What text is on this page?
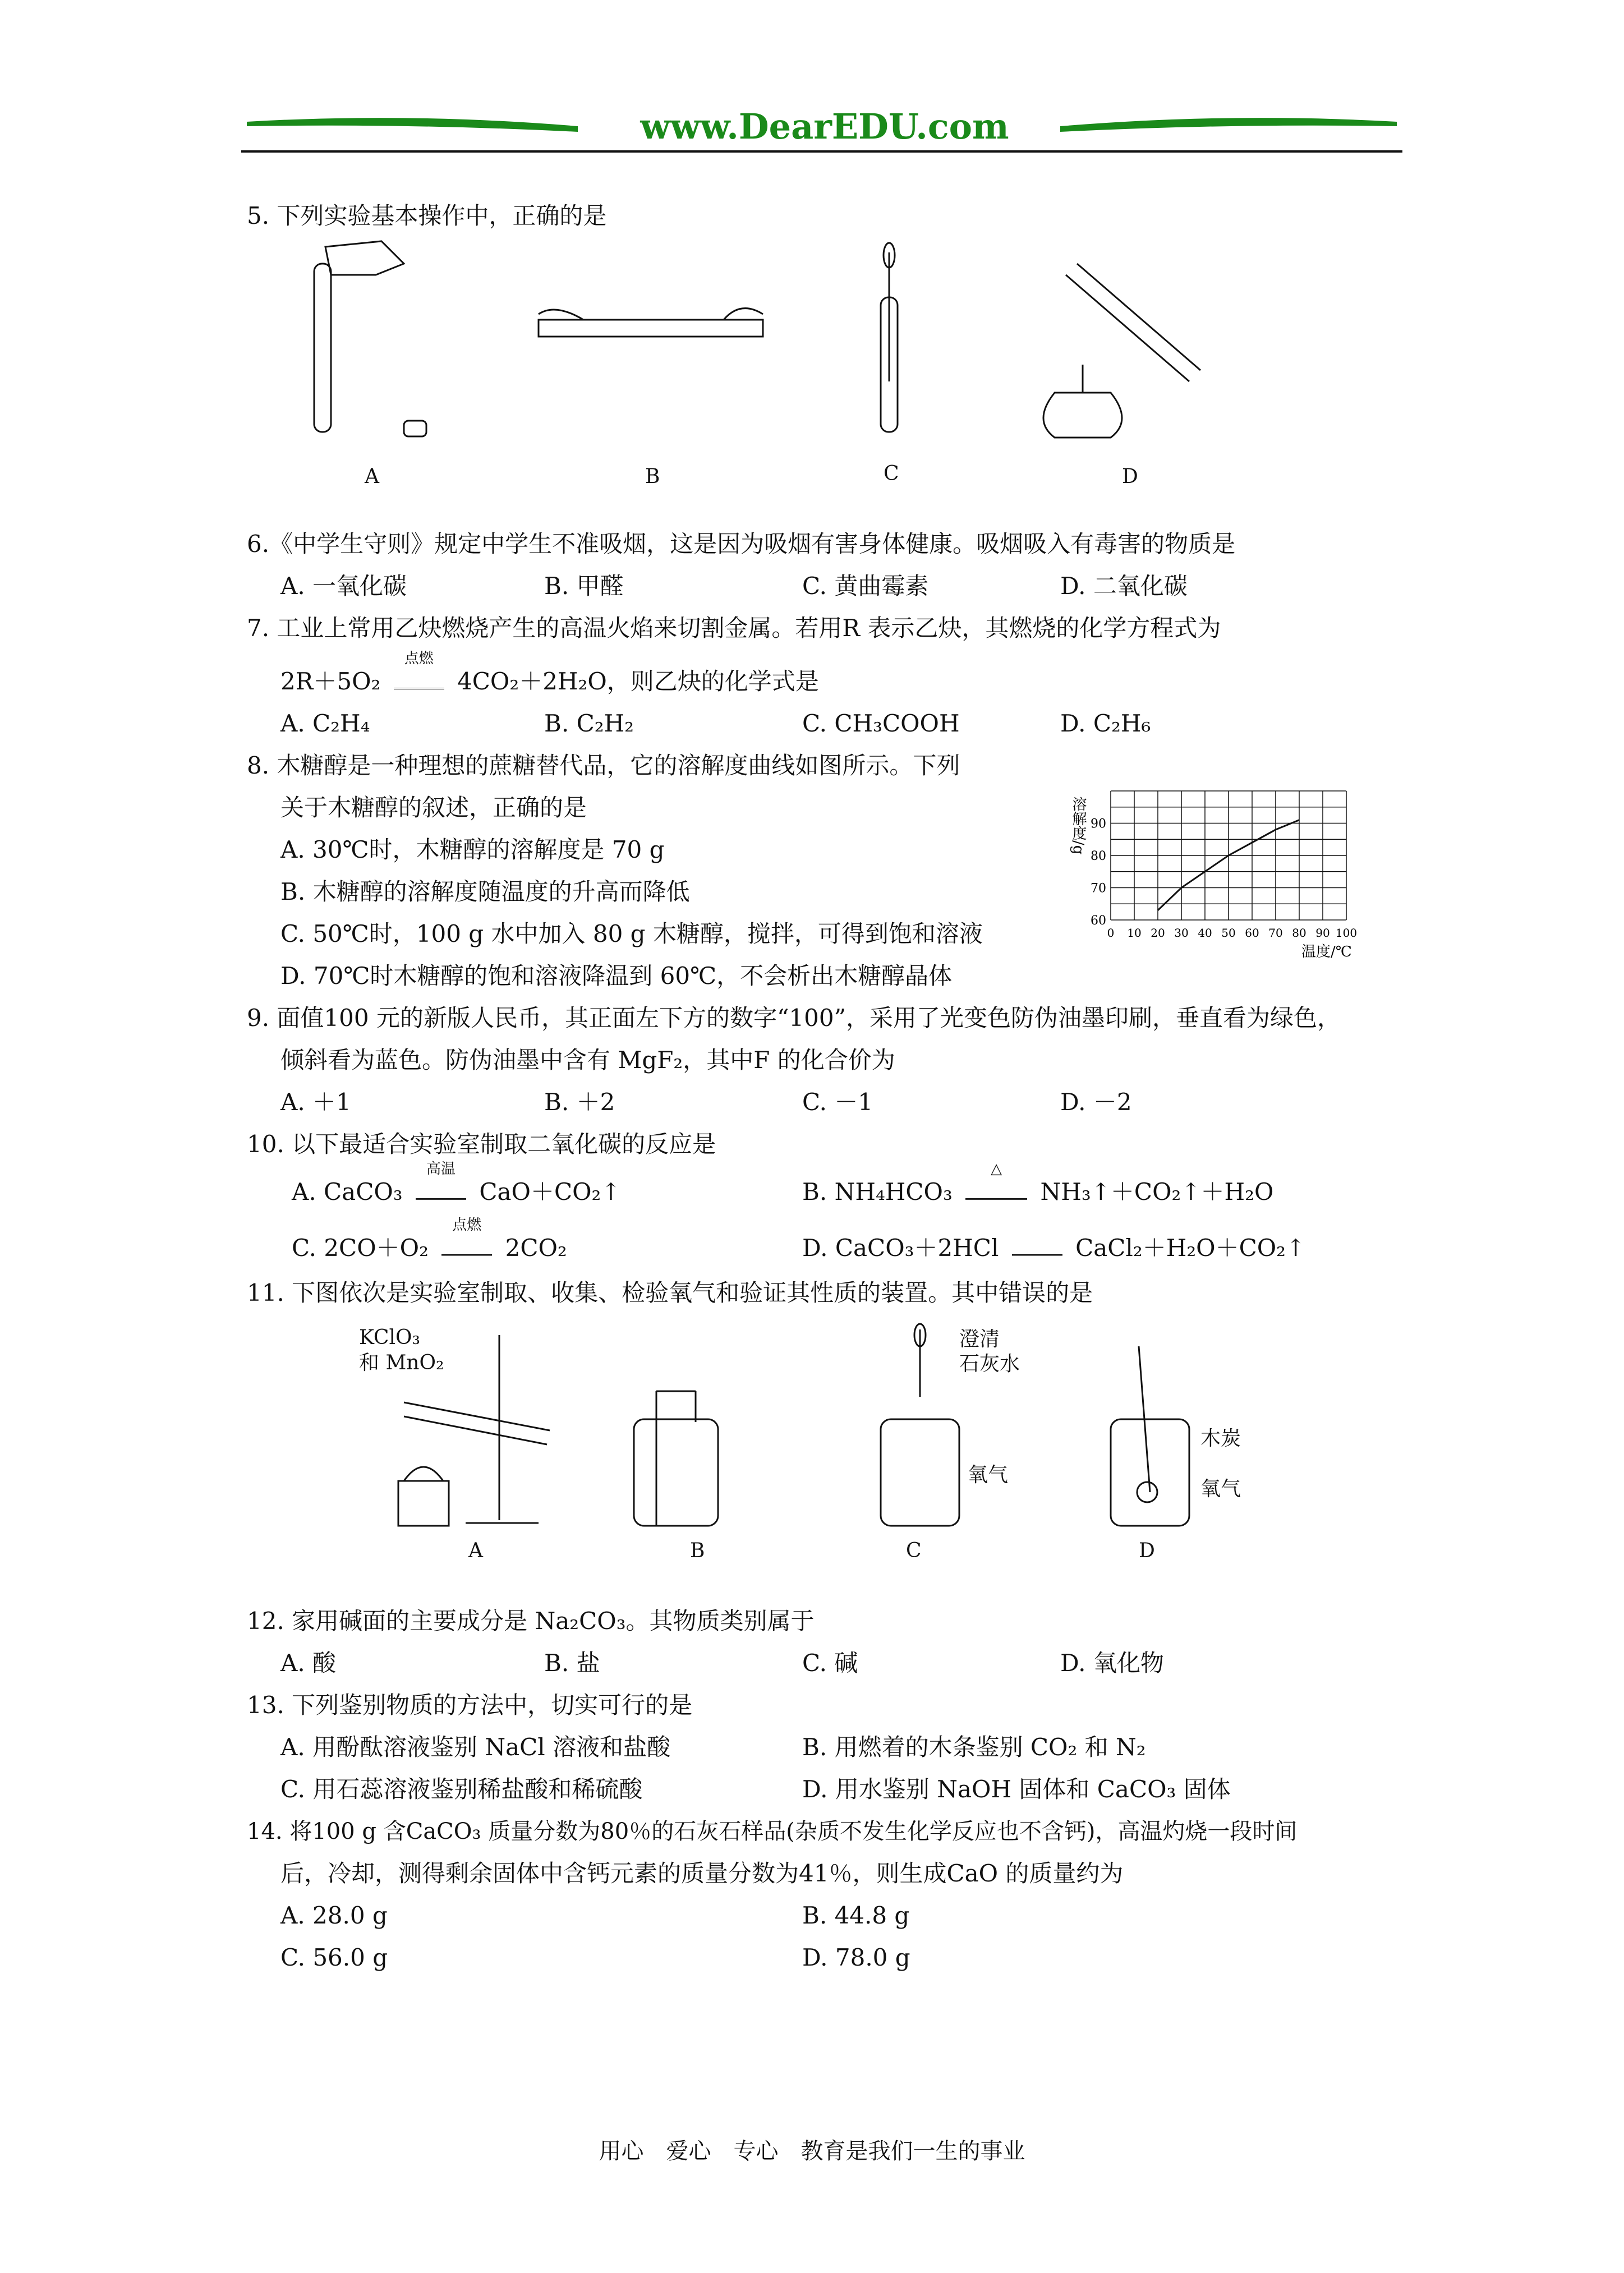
www.DearEDU.com
5. 下列实验基本操作中，正确的是
A	B	C	D
6.《中学生守则》规定中学生不准吸烟，这是因为吸烟有害身体健康。吸烟吸入有毒害的物质是
A. 一氧化碳	B. 甲醛	C. 黄曲霉素	D. 二氧化碳
7. 工业上常用乙炔燃烧产生的高温火焰来切割金属。若用R 表示乙炔，其燃烧的化学方程式为
2R＋5O₂
点燃
4CO₂＋2H₂O，则乙炔的化学式是
A. C₂H₄	B. C₂H₂	C. CH₃COOH	D. C₂H₆
8. 木糖醇是一种理想的蔗糖替代品，它的溶解度曲线如图所示。下列
关于木糖醇的叙述，正确的是
A. 30℃时，木糖醇的溶解度是 70 g
B. 木糖醇的溶解度随温度的升高而降低
C. 50℃时，100 g 水中加入 80 g 木糖醇，搅拌，可得到饱和溶液
D. 70℃时木糖醇的饱和溶液降温到 60℃，不会析出木糖醇晶体
60
70
80
90
0 10 20 30 40 50 60 70 80 90 100
溶解度/g
温度/℃
9. 面值100 元的新版人民币，其正面左下方的数字“100”，采用了光变色防伪油墨印刷，垂直看为绿色，
倾斜看为蓝色。防伪油墨中含有 MgF₂，其中F 的化合价为
A. ＋1	B. ＋2	C. －1	D. －2
10. 以下最适合实验室制取二氧化碳的反应是
A. CaCO₃
高温
CaO＋CO₂↑	B. NH₄HCO₃
△
NH₃↑＋CO₂↑＋H₂O
C. 2CO＋O₂
点燃
2CO₂	D. CaCO₃＋2HCl	CaCl₂＋H₂O＋CO₂↑
11. 下图依次是实验室制取、收集、检验氧气和验证其性质的装置。其中错误的是
KClO₃
和 MnO₂
澄清
石灰水
氧气
木炭
氧气
A	B	C	D
12. 家用碱面的主要成分是 Na₂CO₃。其物质类别属于
A. 酸	B. 盐	C. 碱	D. 氧化物
13. 下列鉴别物质的方法中，切实可行的是
A. 用酚酞溶液鉴别 NaCl 溶液和盐酸	B. 用燃着的木条鉴别 CO₂ 和 N₂
C. 用石蕊溶液鉴别稀盐酸和稀硫酸	D. 用水鉴别 NaOH 固体和 CaCO₃ 固体
14. 将100 g 含CaCO₃ 质量分数为80％的石灰石样品(杂质不发生化学反应也不含钙)，高温灼烧一段时间
后，冷却，测得剩余固体中含钙元素的质量分数为41％，则生成CaO 的质量约为
A. 28.0 g	B. 44.8 g
C. 56.0 g	D. 78.0 g
用心　爱心　专心　教育是我们一生的事业
